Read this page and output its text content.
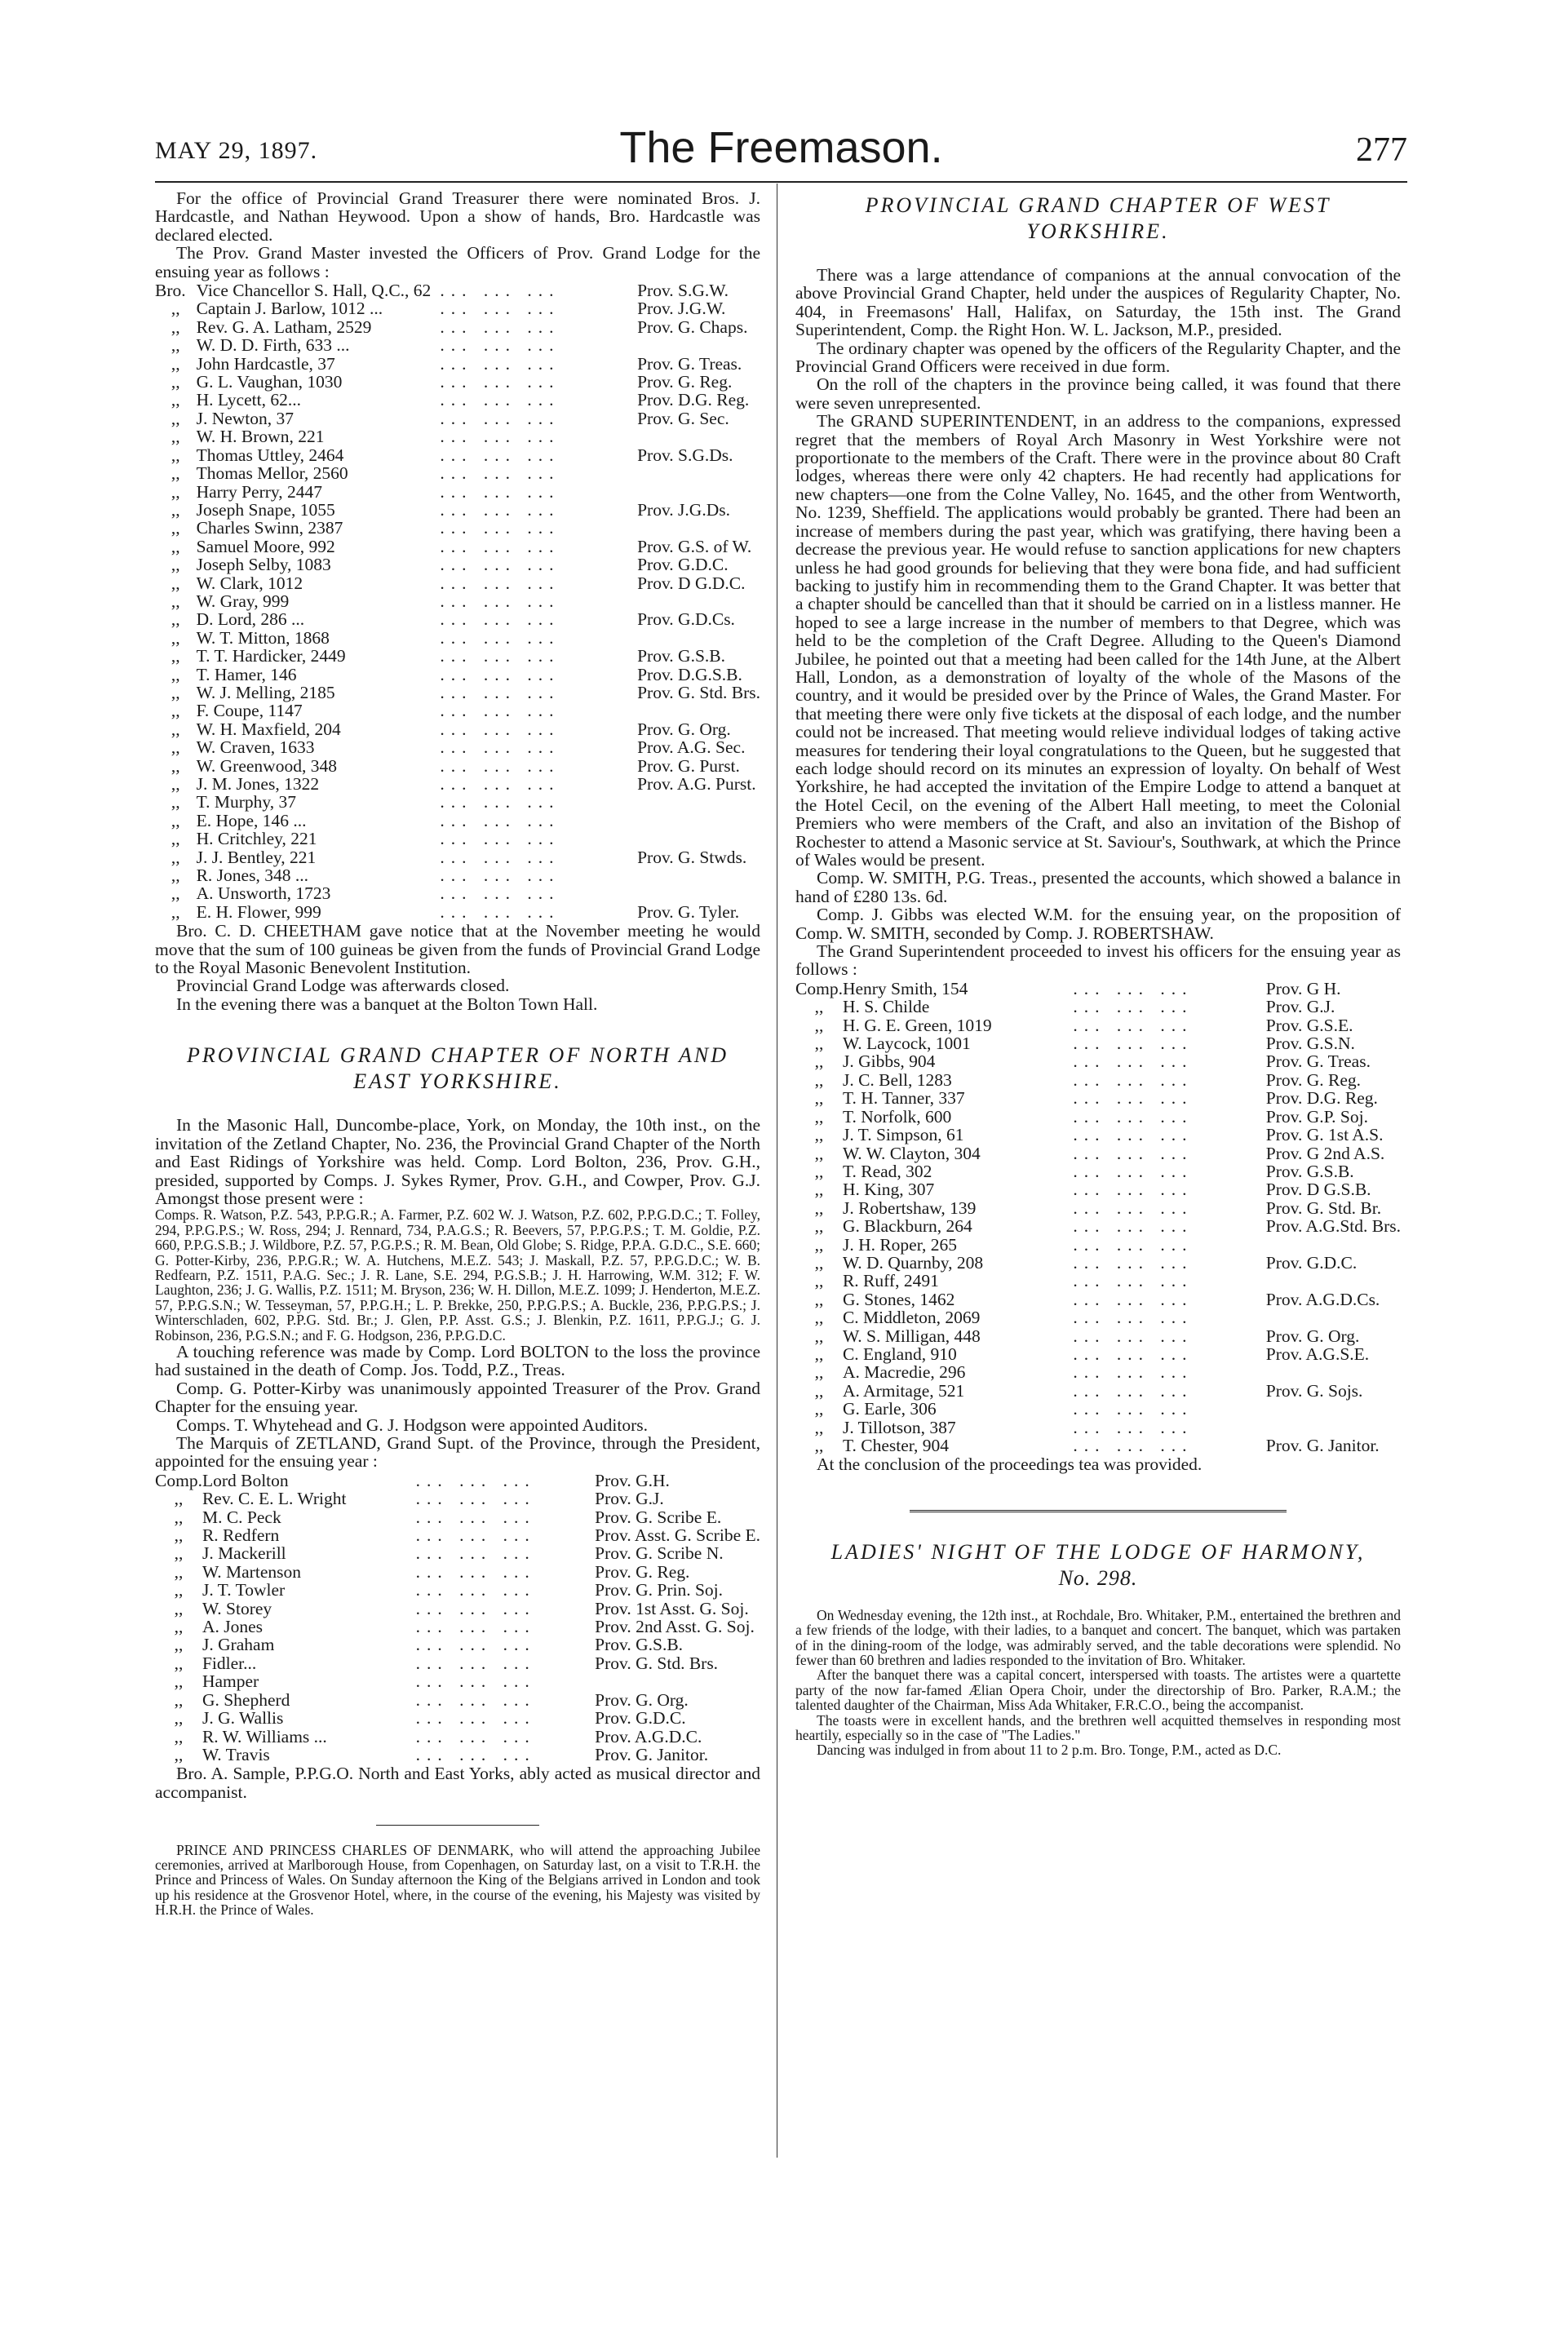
MAY 29, 1897.	The Freemason.	277

For the office of Provincial Grand Treasurer there were nominated Bros. J. Hardcastle, and Nathan Heywood. Upon a show of hands, Bro. Hardcastle was declared elected.

The Prov. Grand Master invested the Officers of Prov. Grand Lodge for the ensuing year as follows :

Bro.	Vice Chancellor S. Hall, Q.C., 62	... ... ...		Prov. S.G.W.
,,	Captain J. Barlow, 1012 ...	... ... ...		Prov. J.G.W.
,,	Rev. G. A. Latham, 2529	... ... ...		Prov. G. Chaps.
,,	W. D. D. Firth, 633 ...	... ... ...		
,,	John Hardcastle, 37	... ... ...		Prov. G. Treas.
,,	G. L. Vaughan, 1030	... ... ...		Prov. G. Reg.
,,	H. Lycett, 62...	... ... ...		Prov. D.G. Reg.
,,	J. Newton, 37	... ... ...		Prov. G. Sec.
,,	W. H. Brown, 221	... ... ...		
,,	Thomas Uttley, 2464	... ... ...		Prov. S.G.Ds.
,,	Thomas Mellor, 2560	... ... ...		
,,	Harry Perry, 2447	... ... ...		
,,	Joseph Snape, 1055	... ... ...		Prov. J.G.Ds.
,,	Charles Swinn, 2387	... ... ...		
,,	Samuel Moore, 992	... ... ...		Prov. G.S. of W.
,,	Joseph Selby, 1083	... ... ...		Prov. G.D.C.
,,	W. Clark, 1012	... ... ...		Prov. D G.D.C.
,,	W. Gray, 999	... ... ...		
,,	D. Lord, 286 ...	... ... ...		Prov. G.D.Cs.
,,	W. T. Mitton, 1868	... ... ...		
,,	T. T. Hardicker, 2449	... ... ...		Prov. G.S.B.
,,	T. Hamer, 146	... ... ...		Prov. D.G.S.B.
,,	W. J. Melling, 2185	... ... ...		Prov. G. Std. Brs.
,,	F. Coupe, 1147	... ... ...		
,,	W. H. Maxfield, 204	... ... ...		Prov. G. Org.
,,	W. Craven, 1633	... ... ...		Prov. A.G. Sec.
,,	W. Greenwood, 348	... ... ...		Prov. G. Purst.
,,	J. M. Jones, 1322	... ... ...		Prov. A.G. Purst.
,,	T. Murphy, 37	... ... ...		
,,	E. Hope, 146 ...	... ... ...		
,,	H. Critchley, 221	... ... ...		
,,	J. J. Bentley, 221	... ... ...		Prov. G. Stwds.
,,	R. Jones, 348 ...	... ... ...		
,,	A. Unsworth, 1723	... ... ...		
,,	E. H. Flower, 999	... ... ...		Prov. G. Tyler.

Bro. C. D. CHEETHAM gave notice that at the November meeting he would move that the sum of 100 guineas be given from the funds of Provincial Grand Lodge to the Royal Masonic Benevolent Institution.

Provincial Grand Lodge was afterwards closed.

In the evening there was a banquet at the Bolton Town Hall.

PROVINCIAL GRAND CHAPTER OF NORTH AND EAST YORKSHIRE.

In the Masonic Hall, Duncombe-place, York, on Monday, the 10th inst., on the invitation of the Zetland Chapter, No. 236, the Provincial Grand Chapter of the North and East Ridings of Yorkshire was held. Comp. Lord Bolton, 236, Prov. G.H., presided, supported by Comps. J. Sykes Rymer, Prov. G.H., and Cowper, Prov. G.J. Amongst those present were :

Comps. R. Watson, P.Z. 543, P.P.G.R.; A. Farmer, P.Z. 602 W. J. Watson, P.Z. 602, P.P.G.D.C.; T. Folley, 294, P.P.G.P.S.; W. Ross, 294; J. Rennard, 734, P.A.G.S.; R. Beevers, 57, P.P.G.P.S.; T. M. Goldie, P.Z. 660, P.P.G.S.B.; J. Wildbore, P.Z. 57, P.G.P.S.; R. M. Bean, Old Globe; S. Ridge, P.P.A. G.D.C., S.E. 660; G. Potter-Kirby, 236, P.P.G.R.; W. A. Hutchens, M.E.Z. 543; J. Maskall, P.Z. 57, P.P.G.D.C.; W. B. Redfearn, P.Z. 1511, P.A.G. Sec.; J. R. Lane, S.E. 294, P.G.S.B.; J. H. Harrowing, W.M. 312; F. W. Laughton, 236; J. G. Wallis, P.Z. 1511; M. Bryson, 236; W. H. Dillon, M.E.Z. 1099; J. Henderton, M.E.Z. 57, P.P.G.S.N.; W. Tesseyman, 57, P.P.G.H.; L. P. Brekke, 250, P.P.G.P.S.; A. Buckle, 236, P.P.G.P.S.; J. Winterschladen, 602, P.P.G. Std. Br.; J. Glen, P.P. Asst. G.S.; J. Blenkin, P.Z. 1611, P.P.G.J.; G. J. Robinson, 236, P.G.S.N.; and F. G. Hodgson, 236, P.P.G.D.C.

A touching reference was made by Comp. Lord BOLTON to the loss the province had sustained in the death of Comp. Jos. Todd, P.Z., Treas.

Comp. G. Potter-Kirby was unanimously appointed Treasurer of the Prov. Grand Chapter for the ensuing year.

Comps. T. Whytehead and G. J. Hodgson were appointed Auditors.

The Marquis of ZETLAND, Grand Supt. of the Province, through the President, appointed for the ensuing year :

Comp.	Lord Bolton	... ... ...		Prov. G.H.
,,	Rev. C. E. L. Wright	... ... ...		Prov. G.J.
,,	M. C. Peck	... ... ...		Prov. G. Scribe E.
,,	R. Redfern	... ... ...		Prov. Asst. G. Scribe E.
,,	J. Mackerill	... ... ...		Prov. G. Scribe N.
,,	W. Martenson	... ... ...		Prov. G. Reg.
,,	J. T. Towler	... ... ...		Prov. G. Prin. Soj.
,,	W. Storey	... ... ...		Prov. 1st Asst. G. Soj.
,,	A. Jones	... ... ...		Prov. 2nd Asst. G. Soj.
,,	J. Graham	... ... ...		Prov. G.S.B.
,,	Fidler...	... ... ...		Prov. G. Std. Brs.
,,	Hamper	... ... ...		
,,	G. Shepherd	... ... ...		Prov. G. Org.
,,	J. G. Wallis	... ... ...		Prov. G.D.C.
,,	R. W. Williams ...	... ... ...		Prov. A.G.D.C.
,,	W. Travis	... ... ...		Prov. G. Janitor.

Bro. A. Sample, P.P.G.O. North and East Yorks, ably acted as musical director and accompanist.

PRINCE AND PRINCESS CHARLES OF DENMARK, who will attend the approaching Jubilee ceremonies, arrived at Marlborough House, from Copenhagen, on Saturday last, on a visit to T.R.H. the Prince and Princess of Wales. On Sunday afternoon the King of the Belgians arrived in London and took up his residence at the Grosvenor Hotel, where, in the course of the evening, his Majesty was visited by H.R.H. the Prince of Wales.

PROVINCIAL GRAND CHAPTER OF WEST YORKSHIRE.

There was a large attendance of companions at the annual convocation of the above Provincial Grand Chapter, held under the auspices of Regularity Chapter, No. 404, in Freemasons' Hall, Halifax, on Saturday, the 15th inst. The Grand Superintendent, Comp. the Right Hon. W. L. Jackson, M.P., presided.

The ordinary chapter was opened by the officers of the Regularity Chapter, and the Provincial Grand Officers were received in due form.

On the roll of the chapters in the province being called, it was found that there were seven unrepresented.

The GRAND SUPERINTENDENT, in an address to the companions, expressed regret that the members of Royal Arch Masonry in West Yorkshire were not proportionate to the members of the Craft. There were in the province about 80 Craft lodges, whereas there were only 42 chapters. He had recently had applications for new chapters—one from the Colne Valley, No. 1645, and the other from Wentworth, No. 1239, Sheffield. The applications would probably be granted. There had been an increase of members during the past year, which was gratifying, there having been a decrease the previous year. He would refuse to sanction applications for new chapters unless he had good grounds for believing that they were bona fide, and had sufficient backing to justify him in recommending them to the Grand Chapter. It was better that a chapter should be cancelled than that it should be carried on in a listless manner. He hoped to see a large increase in the number of members to that Degree, which was held to be the completion of the Craft Degree. Alluding to the Queen's Diamond Jubilee, he pointed out that a meeting had been called for the 14th June, at the Albert Hall, London, as a demonstration of loyalty of the whole of the Masons of the country, and it would be presided over by the Prince of Wales, the Grand Master. For that meeting there were only five tickets at the disposal of each lodge, and the number could not be increased. That meeting would relieve individual lodges of taking active measures for tendering their loyal congratulations to the Queen, but he suggested that each lodge should record on its minutes an expression of loyalty. On behalf of West Yorkshire, he had accepted the invitation of the Empire Lodge to attend a banquet at the Hotel Cecil, on the evening of the Albert Hall meeting, to meet the Colonial Premiers who were members of the Craft, and also an invitation of the Bishop of Rochester to attend a Masonic service at St. Saviour's, Southwark, at which the Prince of Wales would be present.

Comp. W. SMITH, P.G. Treas., presented the accounts, which showed a balance in hand of £280 13s. 6d.

Comp. J. Gibbs was elected W.M. for the ensuing year, on the proposition of Comp. W. SMITH, seconded by Comp. J. ROBERTSHAW.

The Grand Superintendent proceeded to invest his officers for the ensuing year as follows :

Comp.	Henry Smith, 154	... ... ...		Prov. G H.
,,	H. S. Childe	... ... ...		Prov. G.J.
,,	H. G. E. Green, 1019	... ... ...		Prov. G.S.E.
,,	W. Laycock, 1001	... ... ...		Prov. G.S.N.
,,	J. Gibbs, 904	... ... ...		Prov. G. Treas.
,,	J. C. Bell, 1283	... ... ...		Prov. G. Reg.
,,	T. H. Tanner, 337	... ... ...		Prov. D.G. Reg.
,,	T. Norfolk, 600	... ... ...		Prov. G.P. Soj.
,,	J. T. Simpson, 61	... ... ...		Prov. G. 1st A.S.
,,	W. W. Clayton, 304	... ... ...		Prov. G 2nd A.S.
,,	T. Read, 302	... ... ...		Prov. G.S.B.
,,	H. King, 307	... ... ...		Prov. D G.S.B.
,,	J. Robertshaw, 139	... ... ...		Prov. G. Std. Br.
,,	G. Blackburn, 264	... ... ...		Prov. A.G.Std. Brs.
,,	J. H. Roper, 265	... ... ...		
,,	W. D. Quarnby, 208	... ... ...		Prov. G.D.C.
,,	R. Ruff, 2491	... ... ...		
,,	G. Stones, 1462	... ... ...		Prov. A.G.D.Cs.
,,	C. Middleton, 2069	... ... ...		
,,	W. S. Milligan, 448	... ... ...		Prov. G. Org.
,,	C. England, 910	... ... ...		Prov. A.G.S.E.
,,	A. Macredie, 296	... ... ...		
,,	A. Armitage, 521	... ... ...		Prov. G. Sojs.
,,	G. Earle, 306	... ... ...		
,,	J. Tillotson, 387	... ... ...		
,,	T. Chester, 904	... ... ...		Prov. G. Janitor.

At the conclusion of the proceedings tea was provided.

LADIES' NIGHT OF THE LODGE OF HARMONY,
No. 298.

On Wednesday evening, the 12th inst., at Rochdale, Bro. Whitaker, P.M., entertained the brethren and a few friends of the lodge, with their ladies, to a banquet and concert. The banquet, which was partaken of in the dining-room of the lodge, was admirably served, and the table decorations were splendid. No fewer than 60 brethren and ladies responded to the invitation of Bro. Whitaker.

After the banquet there was a capital concert, interspersed with toasts. The artistes were a quartette party of the now far-famed Ælian Opera Choir, under the directorship of Bro. Parker, R.A.M.; the talented daughter of the Chairman, Miss Ada Whitaker, F.R.C.O., being the accompanist.

The toasts were in excellent hands, and the brethren well acquitted themselves in responding most heartily, especially so in the case of "The Ladies."

Dancing was indulged in from about 11 to 2 p.m. Bro. Tonge, P.M., acted as D.C.
